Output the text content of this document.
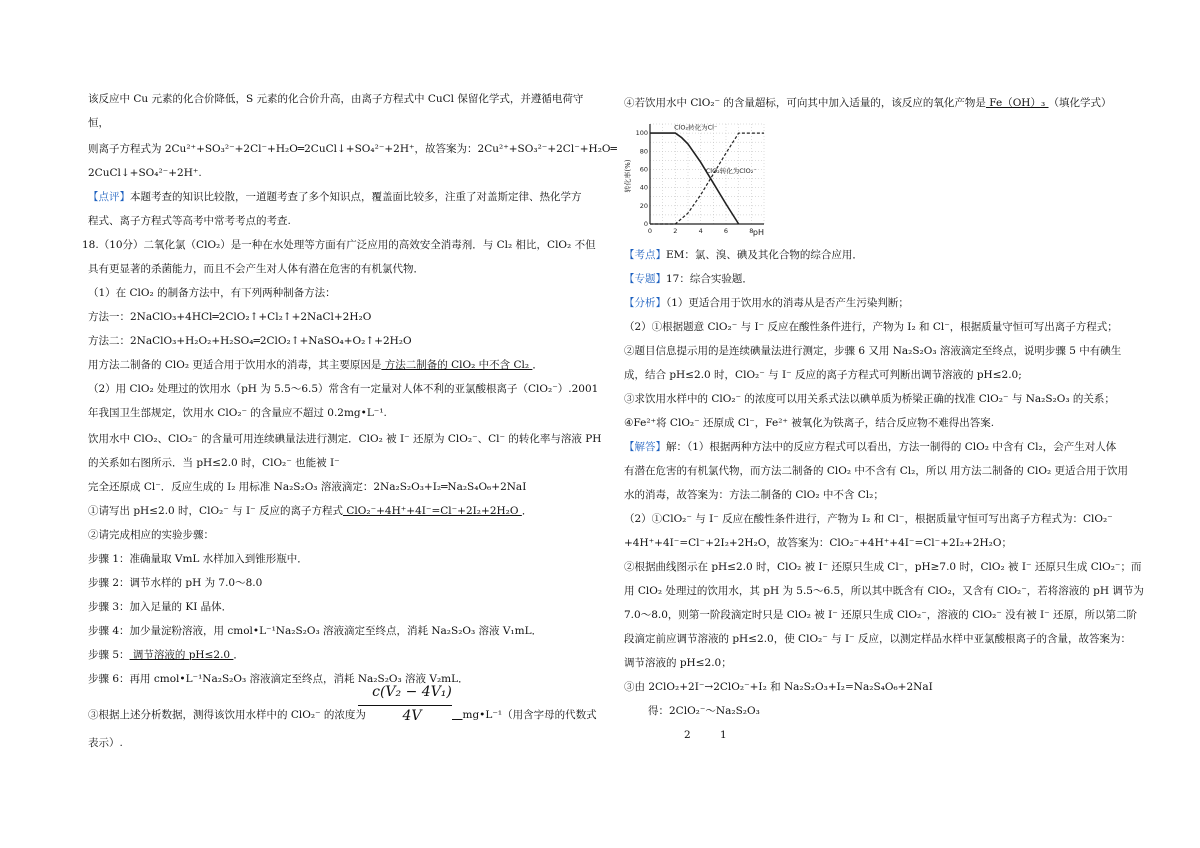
该反应中 Cu 元素的化合价降低，S 元素的化合价升高，由离子方程式中 CuCl 保留化学式，并遵循电荷守
恒，
则离子方程式为 2Cu²⁺+SO₃²⁻+2Cl⁻+H₂O═2CuCl↓+SO₄²⁻+2H⁺，故答案为：2Cu²⁺+SO₃²⁻+2Cl⁻+H₂O═
2CuCl↓+SO₄²⁻+2H⁺.
【点评】本题考查的知识比较散，一道题考查了多个知识点，覆盖面比较多，注重了对盖斯定律、热化学方
程式、离子方程式等高考中常考考点的考查.
18.（10分）二氧化氯（ClO₂）是一种在水处理等方面有广泛应用的高效安全消毒剂．与 Cl₂ 相比，ClO₂ 不但
具有更显著的杀菌能力，而且不会产生对人体有潜在危害的有机氯代物．
（1）在 ClO₂ 的制备方法中，有下列两种制备方法：
方法一：2NaClO₃+4HCl═2ClO₂↑+Cl₂↑+2NaCl+2H₂O
方法二：2NaClO₃+H₂O₂+H₂SO₄═2ClO₂↑+NaSO₄+O₂↑+2H₂O
用方法二制备的 ClO₂ 更适合用于饮用水的消毒，其主要原因是 方法二制备的 ClO₂ 中不含 Cl₂ ．
（2）用 ClO₂ 处理过的饮用水（pH 为 5.5～6.5）常含有一定量对人体不利的亚氯酸根离子（ClO₂⁻）.2001
年我国卫生部规定，饮用水 ClO₂⁻ 的含量应不超过 0.2mg•L⁻¹.
饮用水中 ClO₂、ClO₂⁻ 的含量可用连续碘量法进行测定．ClO₂ 被 I⁻ 还原为 ClO₂⁻、Cl⁻ 的转化率与溶液 PH
的关系如右图所示．当 pH≤2.0 时，ClO₂⁻ 也能被 I⁻
完全还原成 Cl⁻．反应生成的 I₂ 用标准 Na₂S₂O₃ 溶液滴定：2Na₂S₂O₃+I₂═Na₂S₄O₆+2NaI
①请写出 pH≤2.0 时，ClO₂⁻ 与 I⁻ 反应的离子方程式 ClO₂⁻+4H⁺+4I⁻=Cl⁻+2I₂+2H₂O ．
②请完成相应的实验步骤：
步骤 1：准确量取 VmL 水样加入到锥形瓶中．
步骤 2：调节水样的 pH 为 7.0～8.0
步骤 3：加入足量的 KI 晶体．
步骤 4：加少量淀粉溶液，用 cmol•L⁻¹Na₂S₂O₃ 溶液滴定至终点，消耗 Na₂S₂O₃ 溶液 V₁mL．
步骤 5： 调节溶液的 pH≤2.0 ．
步骤 6：再用 cmol•L⁻¹Na₂S₂O₃ 溶液滴定至终点，消耗 Na₂S₂O₃ 溶液 V₂mL．
③根据上述分析数据，测得该饮用水样中的 ClO₂⁻ 的浓度为
c(V₂ − 4V₁)
4V
 	mg•L⁻¹（用含字母的代数式
表示）.
④若饮用水中 ClO₂⁻ 的含量超标，可向其中加入适量的，该反应的氧化产物是 Fe（OH）₃ （填化学式）
ClO₂转化为Cl⁻
ClO₂转化为ClO₂⁻
0	2	4	6	8 pH
0
20
40
60
80
100
转化率(%)
【考点】EM：氯、溴、碘及其化合物的综合应用．
【专题】17：综合实验题．
【分析】（1）更适合用于饮用水的消毒从是否产生污染判断；
（2）①根据题意 ClO₂⁻ 与 I⁻ 反应在酸性条件进行，产物为 I₂ 和 Cl⁻，根据质量守恒可写出离子方程式；
②题目信息提示用的是连续碘量法进行测定，步骤 6 又用 Na₂S₂O₃ 溶液滴定至终点，说明步骤 5 中有碘生
成，结合 pH≤2.0 时，ClO₂⁻ 与 I⁻ 反应的离子方程式可判断出调节溶液的 pH≤2.0;
③求饮用水样中的 ClO₂⁻ 的浓度可以用关系式法以碘单质为桥梁正确的找准 ClO₂⁻ 与 Na₂S₂O₃ 的关系；
④Fe²⁺将 ClO₂⁻ 还原成 Cl⁻，Fe²⁺ 被氧化为铁离子，结合反应物不难得出答案.
【解答】解：（1）根据两种方法中的反应方程式可以看出，方法一制得的 ClO₂ 中含有 Cl₂，会产生对人体
有潜在危害的有机氯代物，而方法二制备的 ClO₂ 中不含有 Cl₂，所以 用方法二制备的 ClO₂ 更适合用于饮用
水的消毒，故答案为：方法二制备的 ClO₂ 中不含 Cl₂；
（2）①ClO₂⁻ 与 I⁻ 反应在酸性条件进行，产物为 I₂ 和 Cl⁻，根据质量守恒可写出离子方程式为：ClO₂⁻
+4H⁺+4I⁻=Cl⁻+2I₂+2H₂O，故答案为：ClO₂⁻+4H⁺+4I⁻=Cl⁻+2I₂+2H₂O；
②根据曲线图示在 pH≤2.0 时，ClO₂ 被 I⁻ 还原只生成 Cl⁻，pH≥7.0 时，ClO₂ 被 I⁻ 还原只生成 ClO₂⁻；而
用 ClO₂ 处理过的饮用水，其 pH 为 5.5～6.5，所以其中既含有 ClO₂，又含有 ClO₂⁻，若将溶液的 pH 调节为
7.0～8.0，则第一阶段滴定时只是 ClO₂ 被 I⁻ 还原只生成 ClO₂⁻，溶液的 ClO₂⁻ 没有被 I⁻ 还原，所以第二阶
段滴定前应调节溶液的 pH≤2.0，使 ClO₂⁻ 与 I⁻ 反应，以测定样品水样中亚氯酸根离子的含量，故答案为：
调节溶液的 pH≤2.0；
③由 2ClO₂+2I⁻→2ClO₂⁻+I₂ 和 Na₂S₂O₃+I₂=Na₂S₄O₆+2NaI
得：2ClO₂⁻～Na₂S₂O₃
2	1
